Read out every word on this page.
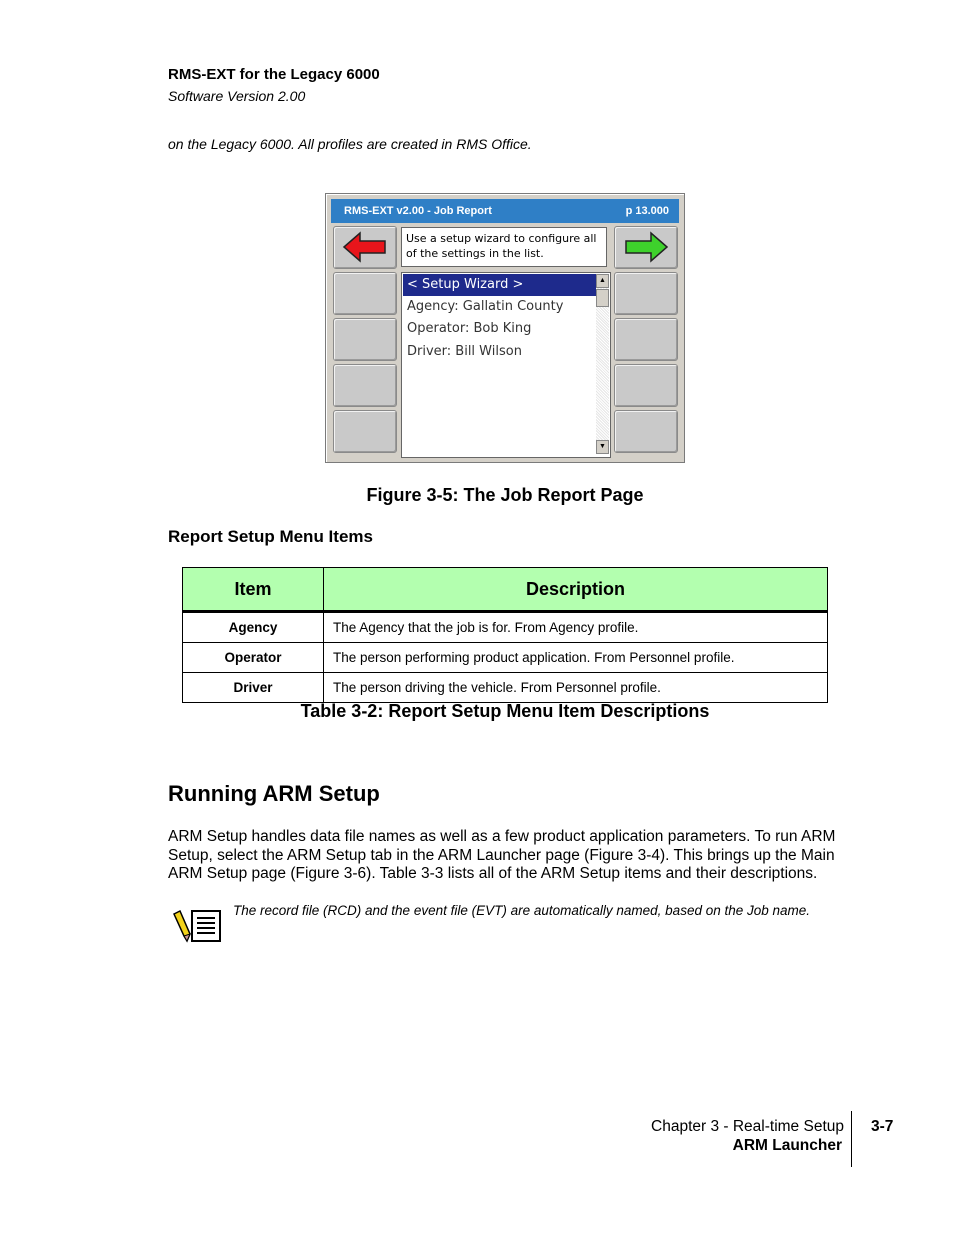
RMS-EXT for the Legacy 6000
Software Version 2.00
on the Legacy 6000. All profiles are created in RMS Office.
RMS-EXT v2.00 - Job Report	p 13.000
Use a setup wizard to configure all
of the settings in the list.
< Setup Wizard >
Agency: Gallatin County
Operator: Bob King
Driver: Bill Wilson
▲
▼
Figure 3-5: The Job Report Page
Report Setup Menu Items
Item	Description
Agency	The Agency that the job is for. From Agency profile.
Operator	The person performing product application. From Personnel profile.
Driver	The person driving the vehicle. From Personnel profile.
Table 3-2: Report Setup Menu Item Descriptions
Running ARM Setup
ARM Setup handles data file names as well as a few product application parameters. To run ARM Setup, select the ARM Setup tab in the ARM Launcher page (Figure 3-4). This brings up the Main ARM Setup page (Figure 3-6). Table 3-3 lists all of the ARM Setup items and their descriptions.
The record file (RCD) and the event file (EVT) are automatically named, based on the Job name.
Chapter 3 - Real-time Setup
ARM Launcher
3-7
